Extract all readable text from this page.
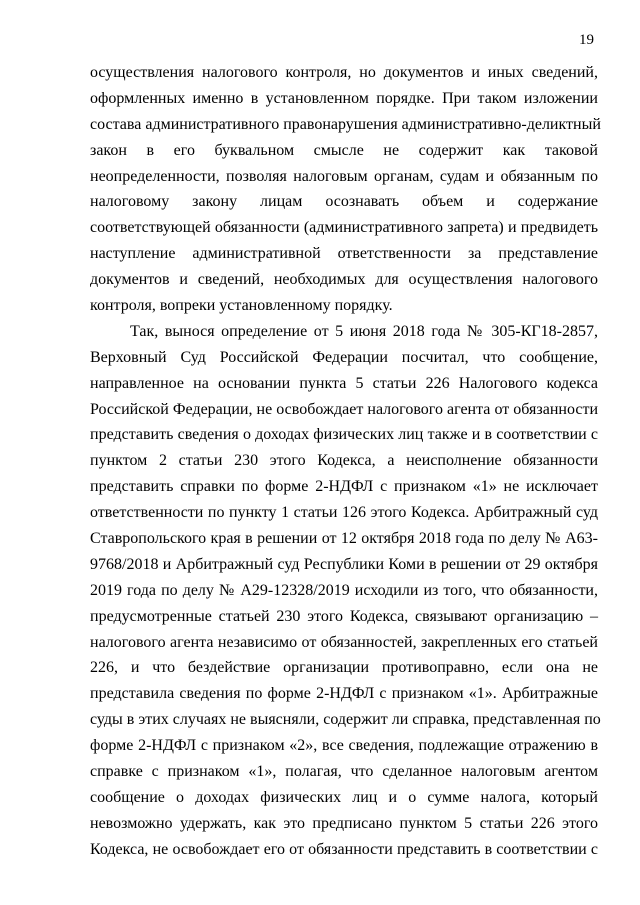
19
осуществления налогового контроля, но документов и иных сведений,
оформленных именно в установленном порядке. При таком изложении
состава административного правонарушения административно-деликтный
закон в его буквальном смысле не содержит как таковой
неопределенности, позволяя налоговым органам, судам и обязанным по
налоговому закону лицам осознавать объем и содержание
соответствующей обязанности (административного запрета) и предвидеть
наступление административной ответственности за представление
документов и сведений, необходимых для осуществления налогового
контроля, вопреки установленному порядку.
Так, вынося определение от 5 июня 2018 года № 305-КГ18-2857,
Верховный Суд Российской Федерации посчитал, что сообщение,
направленное на основании пункта 5 статьи 226 Налогового кодекса
Российской Федерации, не освобождает налогового агента от обязанности
представить сведения о доходах физических лиц также и в соответствии с
пунктом 2 статьи 230 этого Кодекса, а неисполнение обязанности
представить справки по форме 2-НДФЛ с признаком «1» не исключает
ответственности по пункту 1 статьи 126 этого Кодекса. Арбитражный суд
Ставропольского края в решении от 12 октября 2018 года по делу № А63-
9768/2018 и Арбитражный суд Республики Коми в решении от 29 октября
2019 года по делу № А29-12328/2019 исходили из того, что обязанности,
предусмотренные статьей 230 этого Кодекса, связывают организацию –
налогового агента независимо от обязанностей, закрепленных его статьей
226, и что бездействие организации противоправно, если она не
представила сведения по форме 2-НДФЛ с признаком «1». Арбитражные
суды в этих случаях не выясняли, содержит ли справка, представленная по
форме 2-НДФЛ с признаком «2», все сведения, подлежащие отражению в
справке с признаком «1», полагая, что сделанное налоговым агентом
сообщение о доходах физических лиц и о сумме налога, который
невозможно удержать, как это предписано пунктом 5 статьи 226 этого
Кодекса, не освобождает его от обязанности представить в соответствии с
